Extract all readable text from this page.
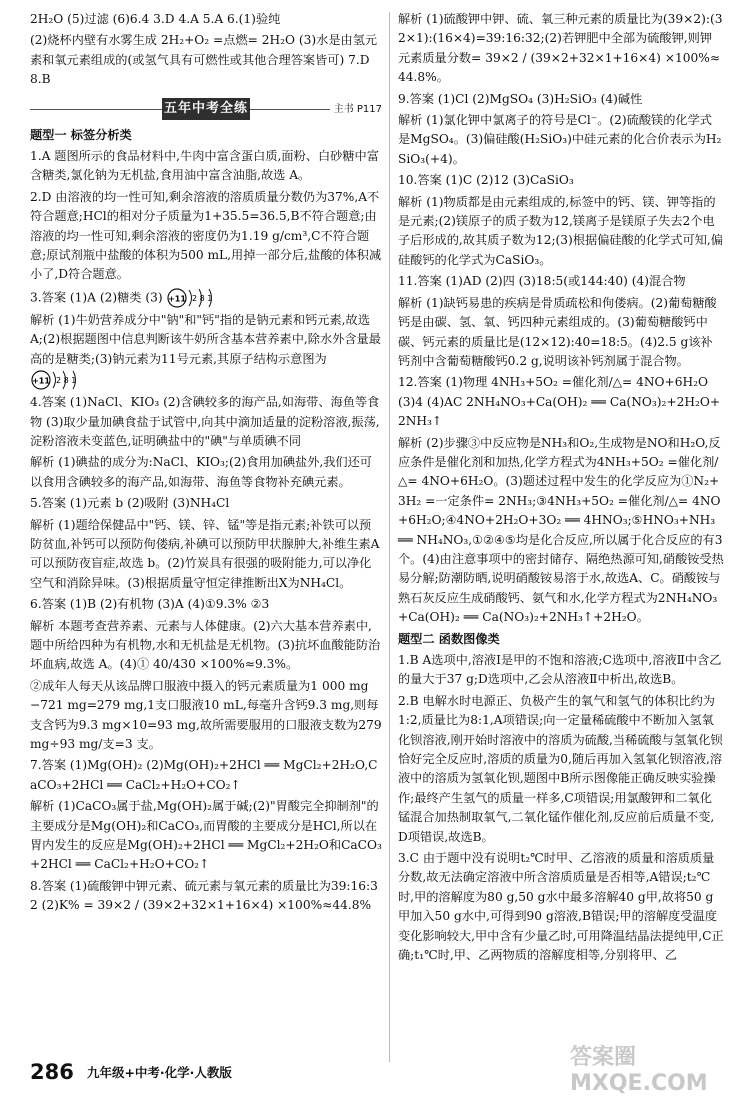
2H₂O (5)过滤 (6)6.4 3.D 4.A 5.A 6.(1)验纯

(2)烧杯内壁有水雾生成 2H₂+O₂ =点燃= 2H₂O (3)水是由氢元素和氧元素组成的(或氢气具有可燃性或其他合理答案皆可) 7.D 8.B

五年中考全练	主书 P117

题型一 标签分析类

1.A 题图所示的食品材料中,牛肉中富含蛋白质,面粉、白砂糖中富含糖类,氯化钠为无机盐,食用油中富含油脂,故选 A。

2.D 由溶液的均一性可知,剩余溶液的溶质质量分数仍为37%,A不符合题意;HCl的相对分子质量为1+35.5=36.5,B不符合题意;由溶液的均一性可知,剩余溶液的密度仍为1.19 g/cm³,C不符合题意;原试剂瓶中盐酸的体积为500 mL,用掉一部分后,盐酸的体积减小了,D符合题意。

3.答案 (1)A (2)糖类 (3) +11 2 8 1

解析 (1)牛奶营养成分中"钠"和"钙"指的是钠元素和钙元素,故选 A;(2)根据题图中信息判断该牛奶所含基本营养素中,除水外含量最高的是糖类;(3)钠元素为11号元素,其原子结构示意图为
+11 2 8 1

4.答案 (1)NaCl、KIO₃ (2)含碘较多的海产品,如海带、海鱼等食物 (3)取少量加碘食盐于试管中,向其中滴加适量的淀粉溶液,振荡,淀粉溶液未变蓝色,证明碘盐中的"碘"与单质碘不同

解析 (1)碘盐的成分为:NaCl、KIO₃;(2)食用加碘盐外,我们还可以食用含碘较多的海产品,如海带、海鱼等食物补充碘元素。

5.答案 (1)元素 b (2)吸附 (3)NH₄Cl

解析 (1)题给保健品中"钙、镁、锌、锰"等是指元素;补铁可以预防贫血,补钙可以预防佝偻病,补碘可以预防甲状腺肿大,补维生素A可以预防夜盲症,故选 b。(2)竹炭具有很强的吸附能力,可以净化空气和消除异味。(3)根据质量守恒定律推断出X为NH₄Cl。

6.答案 (1)B (2)有机物 (3)A (4)①9.3% ②3

解析 本题考查营养素、元素与人体健康。(2)六大基本营养素中,题中所给四种为有机物,水和无机盐是无机物。(3)抗坏血酸能防治坏血病,故选 A。(4)① 40/430 ×100%≈9.3%。

②成年人每天从该品牌口服液中摄入的钙元素质量为1 000 mg−721 mg=279 mg,1支口服液10 mL,每毫升含钙9.3 mg,则每支含钙为9.3 mg×10=93 mg,故所需要服用的口服液支数为279 mg÷93 mg/支=3 支。

7.答案 (1)Mg(OH)₂ (2)Mg(OH)₂+2HCl ══ MgCl₂+2H₂O,CaCO₃+2HCl ══ CaCl₂+H₂O+CO₂↑

解析 (1)CaCO₃属于盐,Mg(OH)₂属于碱;(2)"胃酸完全抑制剂"的主要成分是Mg(OH)₂和CaCO₃,而胃酸的主要成分是HCl,所以在胃内发生的反应是Mg(OH)₂+2HCl ══ MgCl₂+2H₂O和CaCO₃+2HCl ══ CaCl₂+H₂O+CO₂↑

8.答案 (1)硫酸钾中钾元素、硫元素与氧元素的质量比为39:16:32 (2)K% = 39×2 / (39×2+32×1+16×4) ×100%≈44.8%

解析 (1)硫酸钾中钾、硫、氧三种元素的质量比为(39×2):(32×1):(16×4)=39:16:32;(2)若钾肥中全部为硫酸钾,则钾元素质量分数= 39×2 / (39×2+32×1+16×4) ×100%≈44.8%。

9.答案 (1)Cl (2)MgSO₄ (3)H₂SiO₃ (4)碱性

解析 (1)氯化钾中氯离子的符号是Cl⁻。(2)硫酸镁的化学式是MgSO₄。(3)偏硅酸(H₂SiO₃)中硅元素的化合价表示为H₂SiO₃(+4)。

10.答案 (1)C (2)12 (3)CaSiO₃

解析 (1)物质都是由元素组成的,标签中的钙、镁、钾等指的是元素;(2)镁原子的质子数为12,镁离子是镁原子失去2个电子后形成的,故其质子数为12;(3)根据偏硅酸的化学式可知,偏硅酸钙的化学式为CaSiO₃。

11.答案 (1)AD (2)四 (3)18:5(或144:40) (4)混合物

解析 (1)缺钙易患的疾病是骨质疏松和佝偻病。(2)葡萄糖酸钙是由碳、氢、氧、钙四种元素组成的。(3)葡萄糖酸钙中碳、钙元素的质量比是(12×12):40=18:5。(4)2.5 g该补钙剂中含葡萄糖酸钙0.2 g,说明该补钙剂属于混合物。

12.答案 (1)物理 4NH₃+5O₂ =催化剂/△= 4NO+6H₂O (3)4 (4)AC 2NH₄NO₃+Ca(OH)₂ ══ Ca(NO₃)₂+2H₂O+2NH₃↑

解析 (2)步骤③中反应物是NH₃和O₂,生成物是NO和H₂O,反应条件是催化剂和加热,化学方程式为4NH₃+5O₂ =催化剂/△= 4NO+6H₂O。(3)题述过程中发生的化学反应为①N₂+3H₂ =一定条件= 2NH₃;③4NH₃+5O₂ =催化剂/△= 4NO+6H₂O;④4NO+2H₂O+3O₂ ══ 4HNO₃;⑤HNO₃+NH₃ ══ NH₄NO₃,①②④⑤均是化合反应,所以属于化合反应的有3个。(4)由注意事项中的密封储存、隔绝热源可知,硝酸铵受热易分解;防潮防晒,说明硝酸铵易溶于水,故选A、C。硝酸铵与熟石灰反应生成硝酸钙、氨气和水,化学方程式为2NH₄NO₃+Ca(OH)₂ ══ Ca(NO₃)₂+2NH₃↑+2H₂O。

题型二 函数图像类

1.B A选项中,溶液Ⅰ是甲的不饱和溶液;C选项中,溶液Ⅱ中含乙的量大于37 g;D选项中,乙会从溶液Ⅱ中析出,故选B。

2.B 电解水时电源正、负极产生的氧气和氢气的体积比约为1:2,质量比为8:1,A项错误;向一定量稀硫酸中不断加入氢氧化钡溶液,刚开始时溶液中的溶质为硫酸,当稀硫酸与氢氧化钡恰好完全反应时,溶质的质量为0,随后再加入氢氧化钡溶液,溶液中的溶质为氢氧化钡,题图中B所示图像能正确反映实验操作;最终产生氢气的质量一样多,C项错误;用氯酸钾和二氧化锰混合加热制取氧气,二氧化锰作催化剂,反应前后质量不变,D项错误,故选B。

3.C 由于题中没有说明t₂℃时甲、乙溶液的质量和溶质质量分数,故无法确定溶液中所含溶质质量是否相等,A错误;t₂℃时,甲的溶解度为80 g,50 g水中最多溶解40 g甲,故将50 g甲加入50 g水中,可得到90 g溶液,B错误;甲的溶解度受温度变化影响较大,甲中含有少量乙时,可用降温结晶法提纯甲,C正确;t₁℃时,甲、乙两物质的溶解度相等,分别将甲、乙

286 九年级+中考·化学·人教版
答案圈 MXQE.COM
